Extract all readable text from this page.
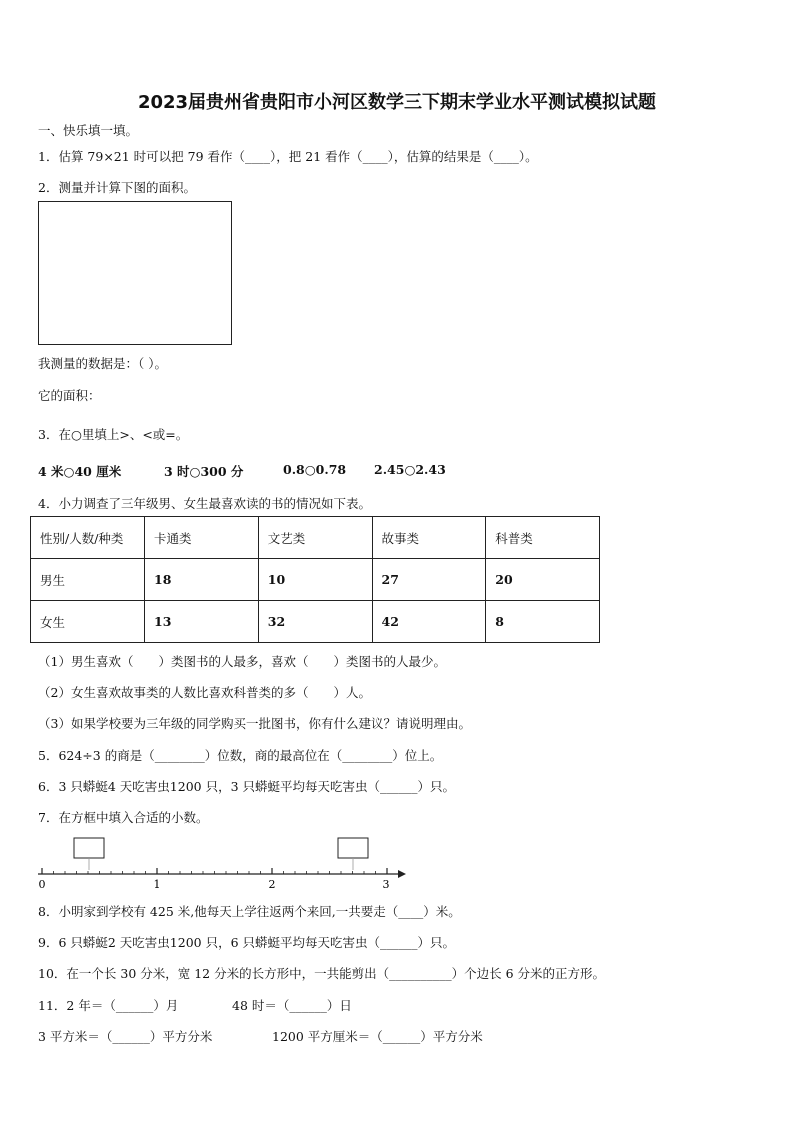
2023届贵州省贵阳市小河区数学三下期末学业水平测试模拟试题
一、快乐填一填。
1．估算 79×21 时可以把 79 看作（____），把 21 看作（____），估算的结果是（____）。
2．测量并计算下图的面积。
我测量的数据是：（ ）。
它的面积：
3．在○里填上>、<或=。
4 米○40 厘米	3 时○300 分	0.8○0.78 2.45○2.43
4．小力调查了三年级男、女生最喜欢读的书的情况如下表。
性别/人数/种类	卡通类	文艺类	故事类	科普类
男生	18	10	27	20
女生	13	32	42	8
（1）男生喜欢（　　）类图书的人最多，喜欢（　　）类图书的人最少。
（2）女生喜欢故事类的人数比喜欢科普类的多（　　）人。
（3）如果学校要为三年级的同学购买一批图书，你有什么建议？请说明理由。
5．624÷3 的商是（________）位数，商的最高位在（________）位上。
6．3 只蟒蜓4 天吃害虫1200 只，3 只蟒蜓平均每天吃害虫（______）只。
7．在方框中填入合适的小数。
0	1	2	3
8．小明家到学校有 425 米,他每天上学往返两个来回,一共要走（____）米。
9．6 只蟒蜓2 天吃害虫1200 只，6 只蟒蜓平均每天吃害虫（______）只。
10．在一个长 30 分米，宽 12 分米的长方形中，一共能剪出（__________）个边长 6 分米的正方形。
11．2 年＝（______）月	48 时＝（______）日
3 平方米＝（______）平方分米	1200 平方厘米＝（______）平方分米
